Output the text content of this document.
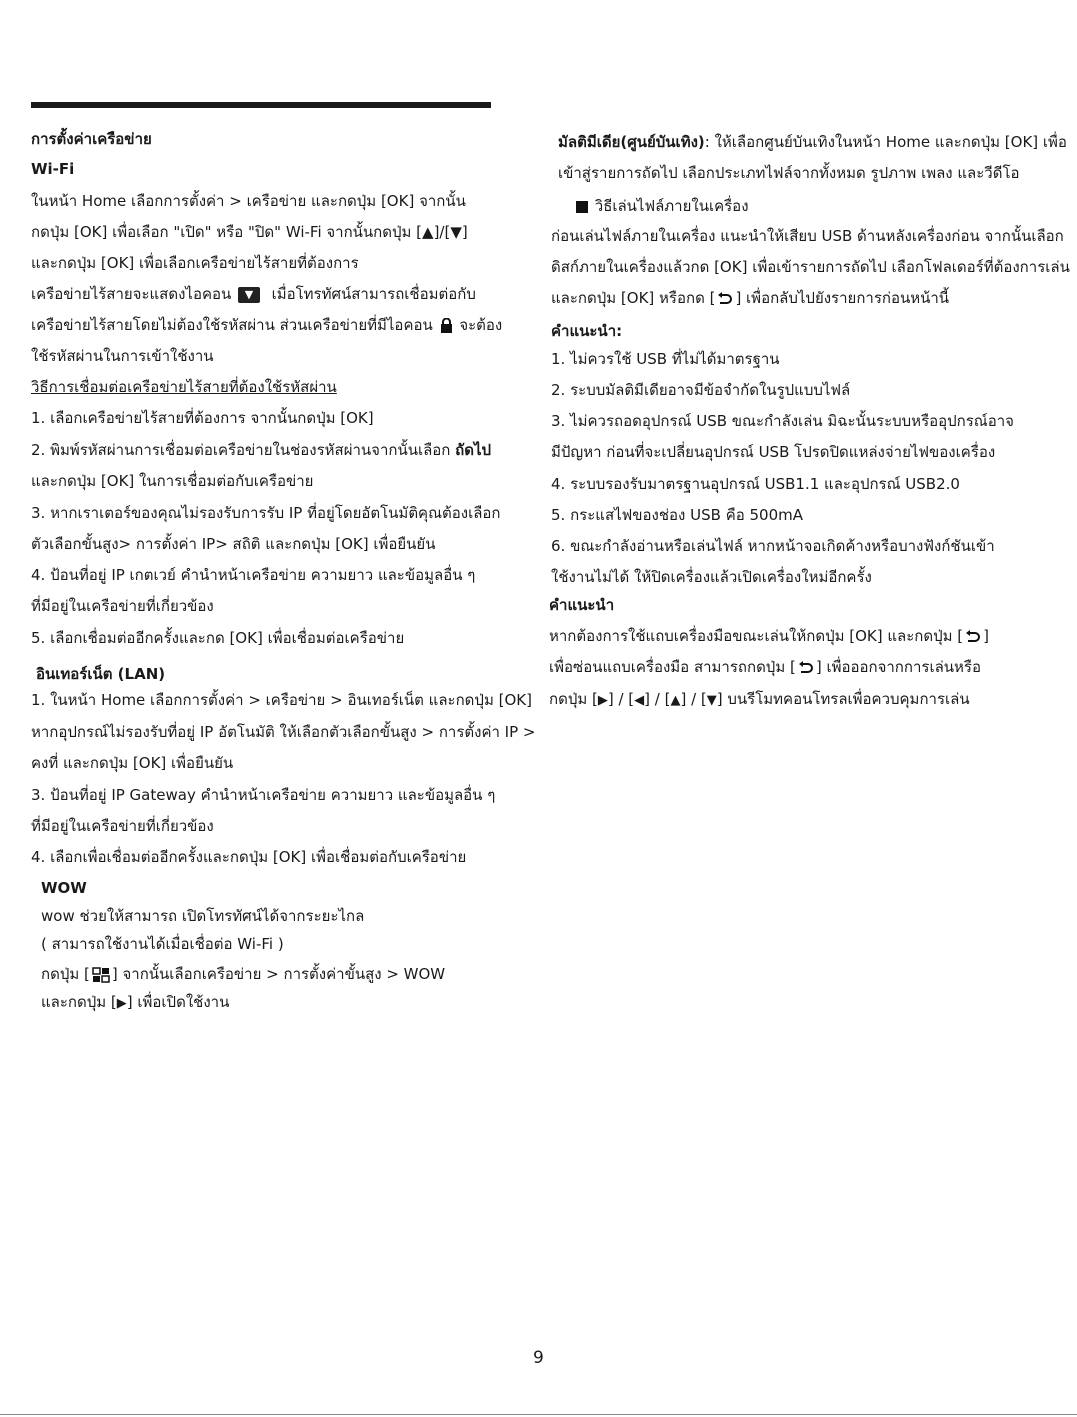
การตั้งค่าเครือข่าย
Wi-Fi
ในหน้า Home เลือกการตั้งค่า > เครือข่าย และกดปุ่ม [OK] จากนั้น
กดปุ่ม [OK] เพื่อเลือก "เปิด" หรือ "ปิด" Wi-Fi จากนั้นกดปุ่ม [▲]/[▼]
และกดปุ่ม [OK] เพื่อเลือกเครือข่ายไร้สายที่ต้องการ
เครือข่ายไร้สายจะแสดงไอคอน ▼ เมื่อโทรทัศน์สามารถเชื่อมต่อกับ
เครือข่ายไร้สายโดยไม่ต้องใช้รหัสผ่าน ส่วนเครือข่ายที่มีไอคอน จะต้อง
ใช้รหัสผ่านในการเข้าใช้งาน
วิธีการเชื่อมต่อเครือข่ายไร้สายที่ต้องใช้รหัสผ่าน
1. เลือกเครือข่ายไร้สายที่ต้องการ จากนั้นกดปุ่ม [OK]
2. พิมพ์รหัสผ่านการเชื่อมต่อเครือข่ายในช่องรหัสผ่านจากนั้นเลือก ถัดไป
และกดปุ่ม [OK] ในการเชื่อมต่อกับเครือข่าย
3. หากเราเตอร์ของคุณไม่รองรับการรับ IP ที่อยู่โดยอัตโนมัติคุณต้องเลือก
ตัวเลือกขั้นสูง> การตั้งค่า IP> สถิติ และกดปุ่ม [OK] เพื่อยืนยัน
4. ป้อนที่อยู่ IP เกตเวย์ คำนำหน้าเครือข่าย ความยาว และข้อมูลอื่น ๆ
ที่มีอยู่ในเครือข่ายที่เกี่ยวข้อง
5. เลือกเชื่อมต่ออีกครั้งและกด [OK] เพื่อเชื่อมต่อเครือข่าย
อินเทอร์เน็ต (LAN)
1. ในหน้า Home เลือกการตั้งค่า > เครือข่าย > อินเทอร์เน็ต และกดปุ่ม [OK]
หากอุปกรณ์ไม่รองรับที่อยู่ IP อัตโนมัติ ให้เลือกตัวเลือกขั้นสูง > การตั้งค่า IP >
คงที่ และกดปุ่ม [OK] เพื่อยืนยัน
3. ป้อนที่อยู่ IP Gateway คำนำหน้าเครือข่าย ความยาว และข้อมูลอื่น ๆ
ที่มีอยู่ในเครือข่ายที่เกี่ยวข้อง
4. เลือกเพื่อเชื่อมต่ออีกครั้งและกดปุ่ม [OK] เพื่อเชื่อมต่อกับเครือข่าย
WOW
wow ช่วยให้สามารถ เปิดโทรทัศน์ได้จากระยะไกล
( สามารถใช้งานได้เมื่อเชื่อต่อ Wi-Fi )
กดปุ่ม [ ] จากนั้นเลือกเครือข่าย > การตั้งค่าขั้นสูง > WOW
และกดปุ่ม [▶] เพื่อเปิดใช้งาน
มัลติมีเดีย(ศูนย์บันเทิง): ให้เลือกศูนย์บันเทิงในหน้า Home และกดปุ่ม [OK] เพื่อ
เข้าสู่รายการถัดไป เลือกประเภทไฟล์จากทั้งหมด รูปภาพ เพลง และวีดีโอ
วิธีเล่นไฟล์ภายในเครื่อง
ก่อนเล่นไฟล์ภายในเครื่อง แนะนำให้เสียบ USB ด้านหลังเครื่องก่อน จากนั้นเลือก
ดิสก์ภายในเครื่องแล้วกด [OK] เพื่อเข้ารายการถัดไป เลือกโฟลเดอร์ที่ต้องการเล่น
และกดปุ่ม [OK] หรือกด [ ] เพื่อกลับไปยังรายการก่อนหน้านี้
คำแนะนำ:
1. ไม่ควรใช้ USB ที่ไม่ได้มาตรฐาน
2. ระบบมัลติมีเดียอาจมีข้อจำกัดในรูปแบบไฟล์
3. ไม่ควรถอดอุปกรณ์ USB ขณะกำลังเล่น มิฉะนั้นระบบหรืออุปกรณ์อาจ
มีปัญหา ก่อนที่จะเปลี่ยนอุปกรณ์ USB โปรดปิดแหล่งจ่ายไฟของเครื่อง
4. ระบบรองรับมาตรฐานอุปกรณ์ USB1.1 และอุปกรณ์ USB2.0
5. กระแสไฟของช่อง USB คือ 500mA
6. ขณะกำลังอ่านหรือเล่นไฟล์ หากหน้าจอเกิดค้างหรือบางฟังก์ชันเข้า
ใช้งานไม่ได้ ให้ปิดเครื่องแล้วเปิดเครื่องใหม่อีกครั้ง
คำแนะนำ
หากต้องการใช้แถบเครื่องมือขณะเล่นให้กดปุ่ม [OK] และกดปุ่ม [ ]
เพื่อซ่อนแถบเครื่องมือ สามารถกดปุ่ม [ ] เพื่อออกจากการเล่นหรือ
กดปุ่ม [▶] / [◀] / [▲] / [▼] บนรีโมทคอนโทรลเพื่อควบคุมการเล่น
9
